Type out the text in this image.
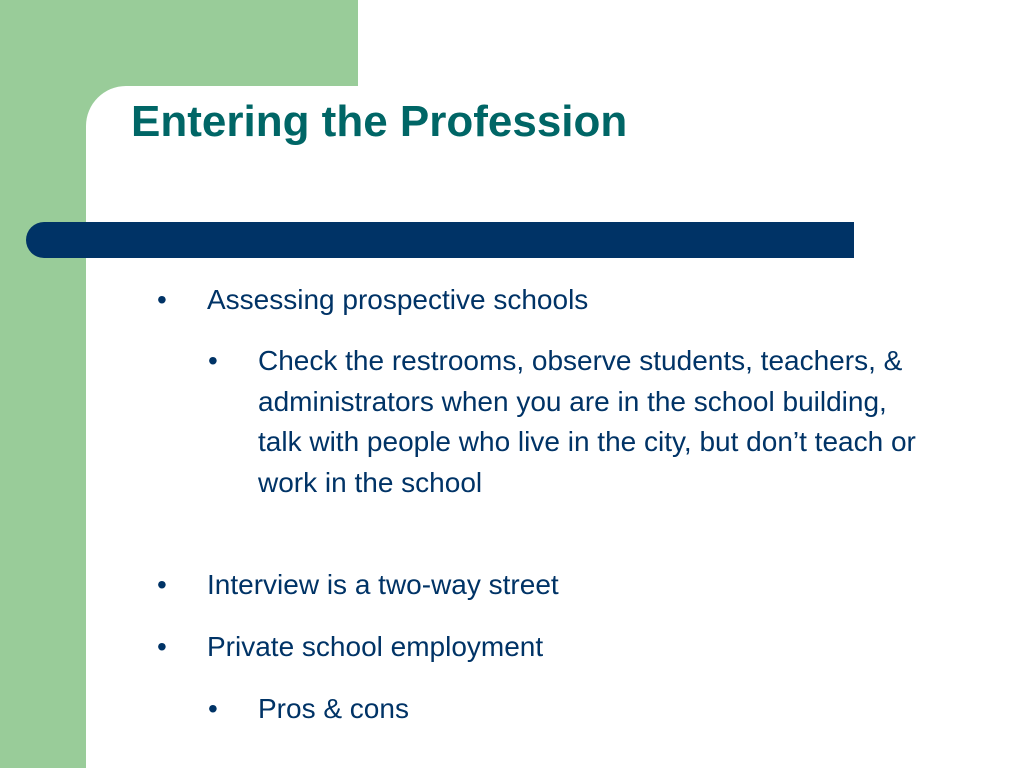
Entering the Profession
•	Assessing prospective schools
•	Check the restrooms, observe students, teachers, & administrators when you are in the school building, talk with people who live in the city, but don’t teach or work in the school
•	Interview is a two-way street
•	Private school employment
•	Pros & cons
